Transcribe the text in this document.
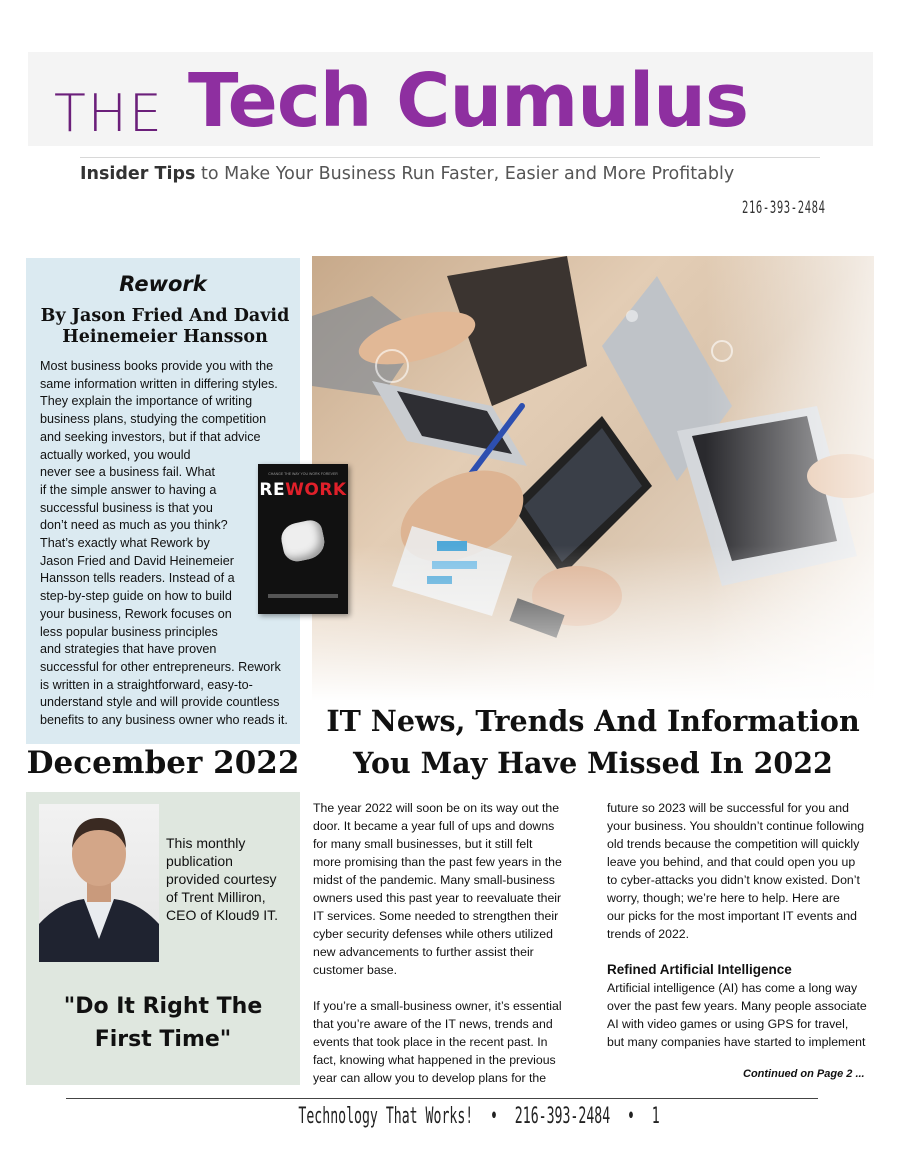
THE Tech Cumulus
Insider Tips to Make Your Business Run Faster, Easier and More Profitably
216-393-2484
Rework
By Jason Fried And David
Heinemeier Hansson

Most business books provide you with the

same information written in differing styles.

They explain the importance of writing

business plans, studying the competition

and seeking investors, but if that advice

actually worked, you would

never see a business fail. What

if the simple answer to having a

successful business is that you

don’t need as much as you think?

That’s exactly what Rework by

Jason Fried and David Heinemeier

Hansson tells readers. Instead of a

step-by-step guide on how to build

your business, Rework focuses on

less popular business principles

and strategies that have proven

successful for other entrepreneurs. Rework

is written in a straightforward, easy-to-

understand style and will provide countless

benefits to any business owner who reads it.

CHANGE THE WAY YOU WORK FOREVER
REWORK
IT News, Trends And Information
You May Have Missed In 2022
December 2022
This monthly
publication
provided courtesy
of Trent Milliron,
CEO of Kloud9 IT.
"Do It Right The
First Time"

The year 2022 will soon be on its way out the

door. It became a year full of ups and downs

for many small businesses, but it still felt

more promising than the past few years in the

midst of the pandemic. Many small-business

owners used this past year to reevaluate their

IT services. Some needed to strengthen their

cyber security defenses while others utilized

new advancements to further assist their

customer base.

If you’re a small-business owner, it’s essential

that you’re aware of the IT news, trends and

events that took place in the recent past. In

fact, knowing what happened in the previous

year can allow you to develop plans for the

future so 2023 will be successful for you and

your business. You shouldn’t continue following

old trends because the competition will quickly

leave you behind, and that could open you up

to cyber-attacks you didn’t know existed. Don’t

worry, though; we’re here to help. Here are

our picks for the most important IT events and

trends of 2022.

Refined Artificial Intelligence

Artificial intelligence (AI) has come a long way

over the past few years. Many people associate

AI with video games or using GPS for travel,

but many companies have started to implement

Continued on Page 2 ...
Technology That Works! • 216-393-2484 • 1
